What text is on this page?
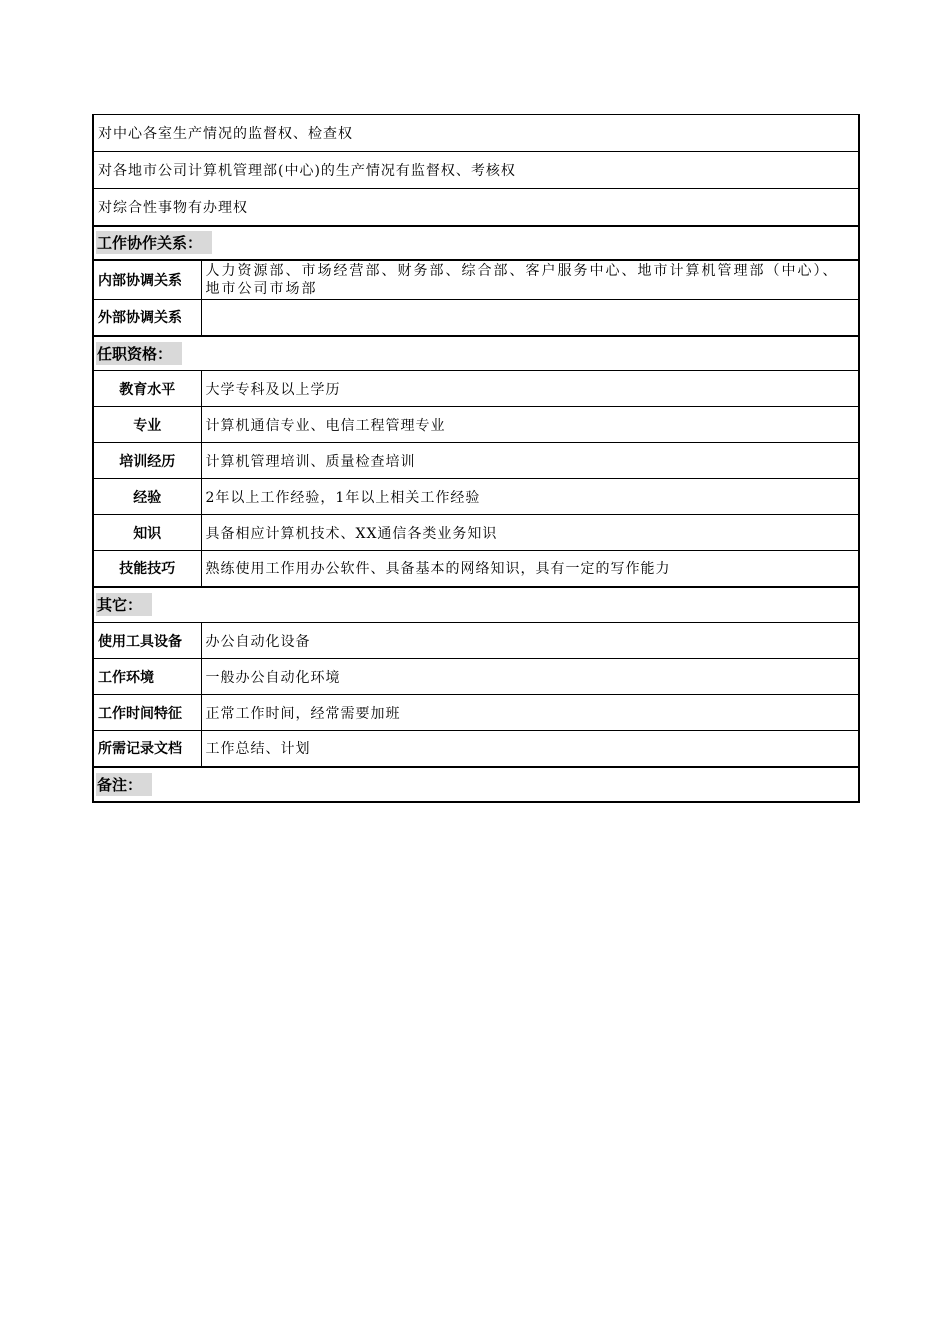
对中心各室生产情况的监督权、检查权	
对各地市公司计算机管理部(中心)的生产情况有监督权、考核权	
对综合性事物有办理权	
工作协作关系：	
内部协调关系	人力资源部、市场经营部、财务部、综合部、客户服务中心、地市计算机管理部（中心）、地市公司市场部
外部协调关系	
任职资格：	
教育水平	大学专科及以上学历
专业	计算机通信专业、电信工程管理专业
培训经历	计算机管理培训、质量检查培训
经验	2年以上工作经验，1年以上相关工作经验
知识	具备相应计算机技术、XX通信各类业务知识
技能技巧	熟练使用工作用办公软件、具备基本的网络知识，具有一定的写作能力
其它：	
使用工具设备	办公自动化设备
工作环境	一般办公自动化环境
工作时间特征	正常工作时间，经常需要加班
所需记录文档	工作总结、计划
备注：	
